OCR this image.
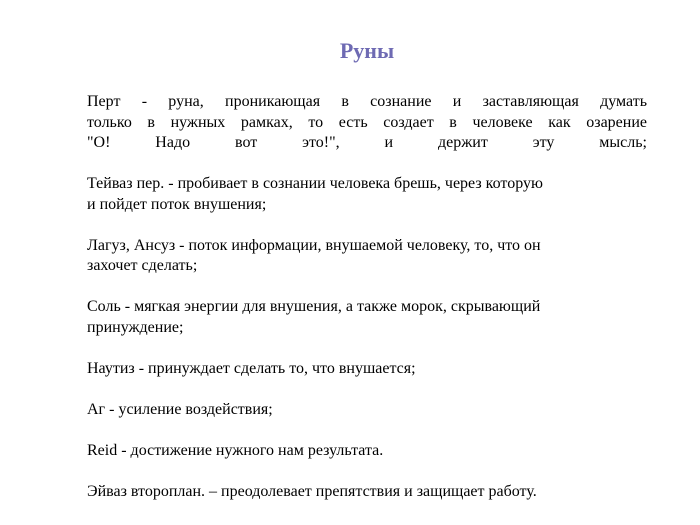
Руны
Перт - руна, проникающая в сознание и заставляющая думать
только в нужных рамках, то есть создает в человеке как озарение
"О! Надо вот это!", и держит эту мысль;
Тейваз пер. - пробивает в сознании человека брешь, через которую
и пойдет поток внушения;
Лагуз, Ансуз - поток информации, внушаемой человеку, то, что он
захочет сделать;
Соль - мягкая энергии для внушения, а также морок, скрывающий
принуждение;
Наутиз - принуждает сделать то, что внушается;
Аг - усиление воздействия;
Reid - достижение нужного нам результата.
Эйваз второплан. – преодолевает препятствия и защищает работу.
